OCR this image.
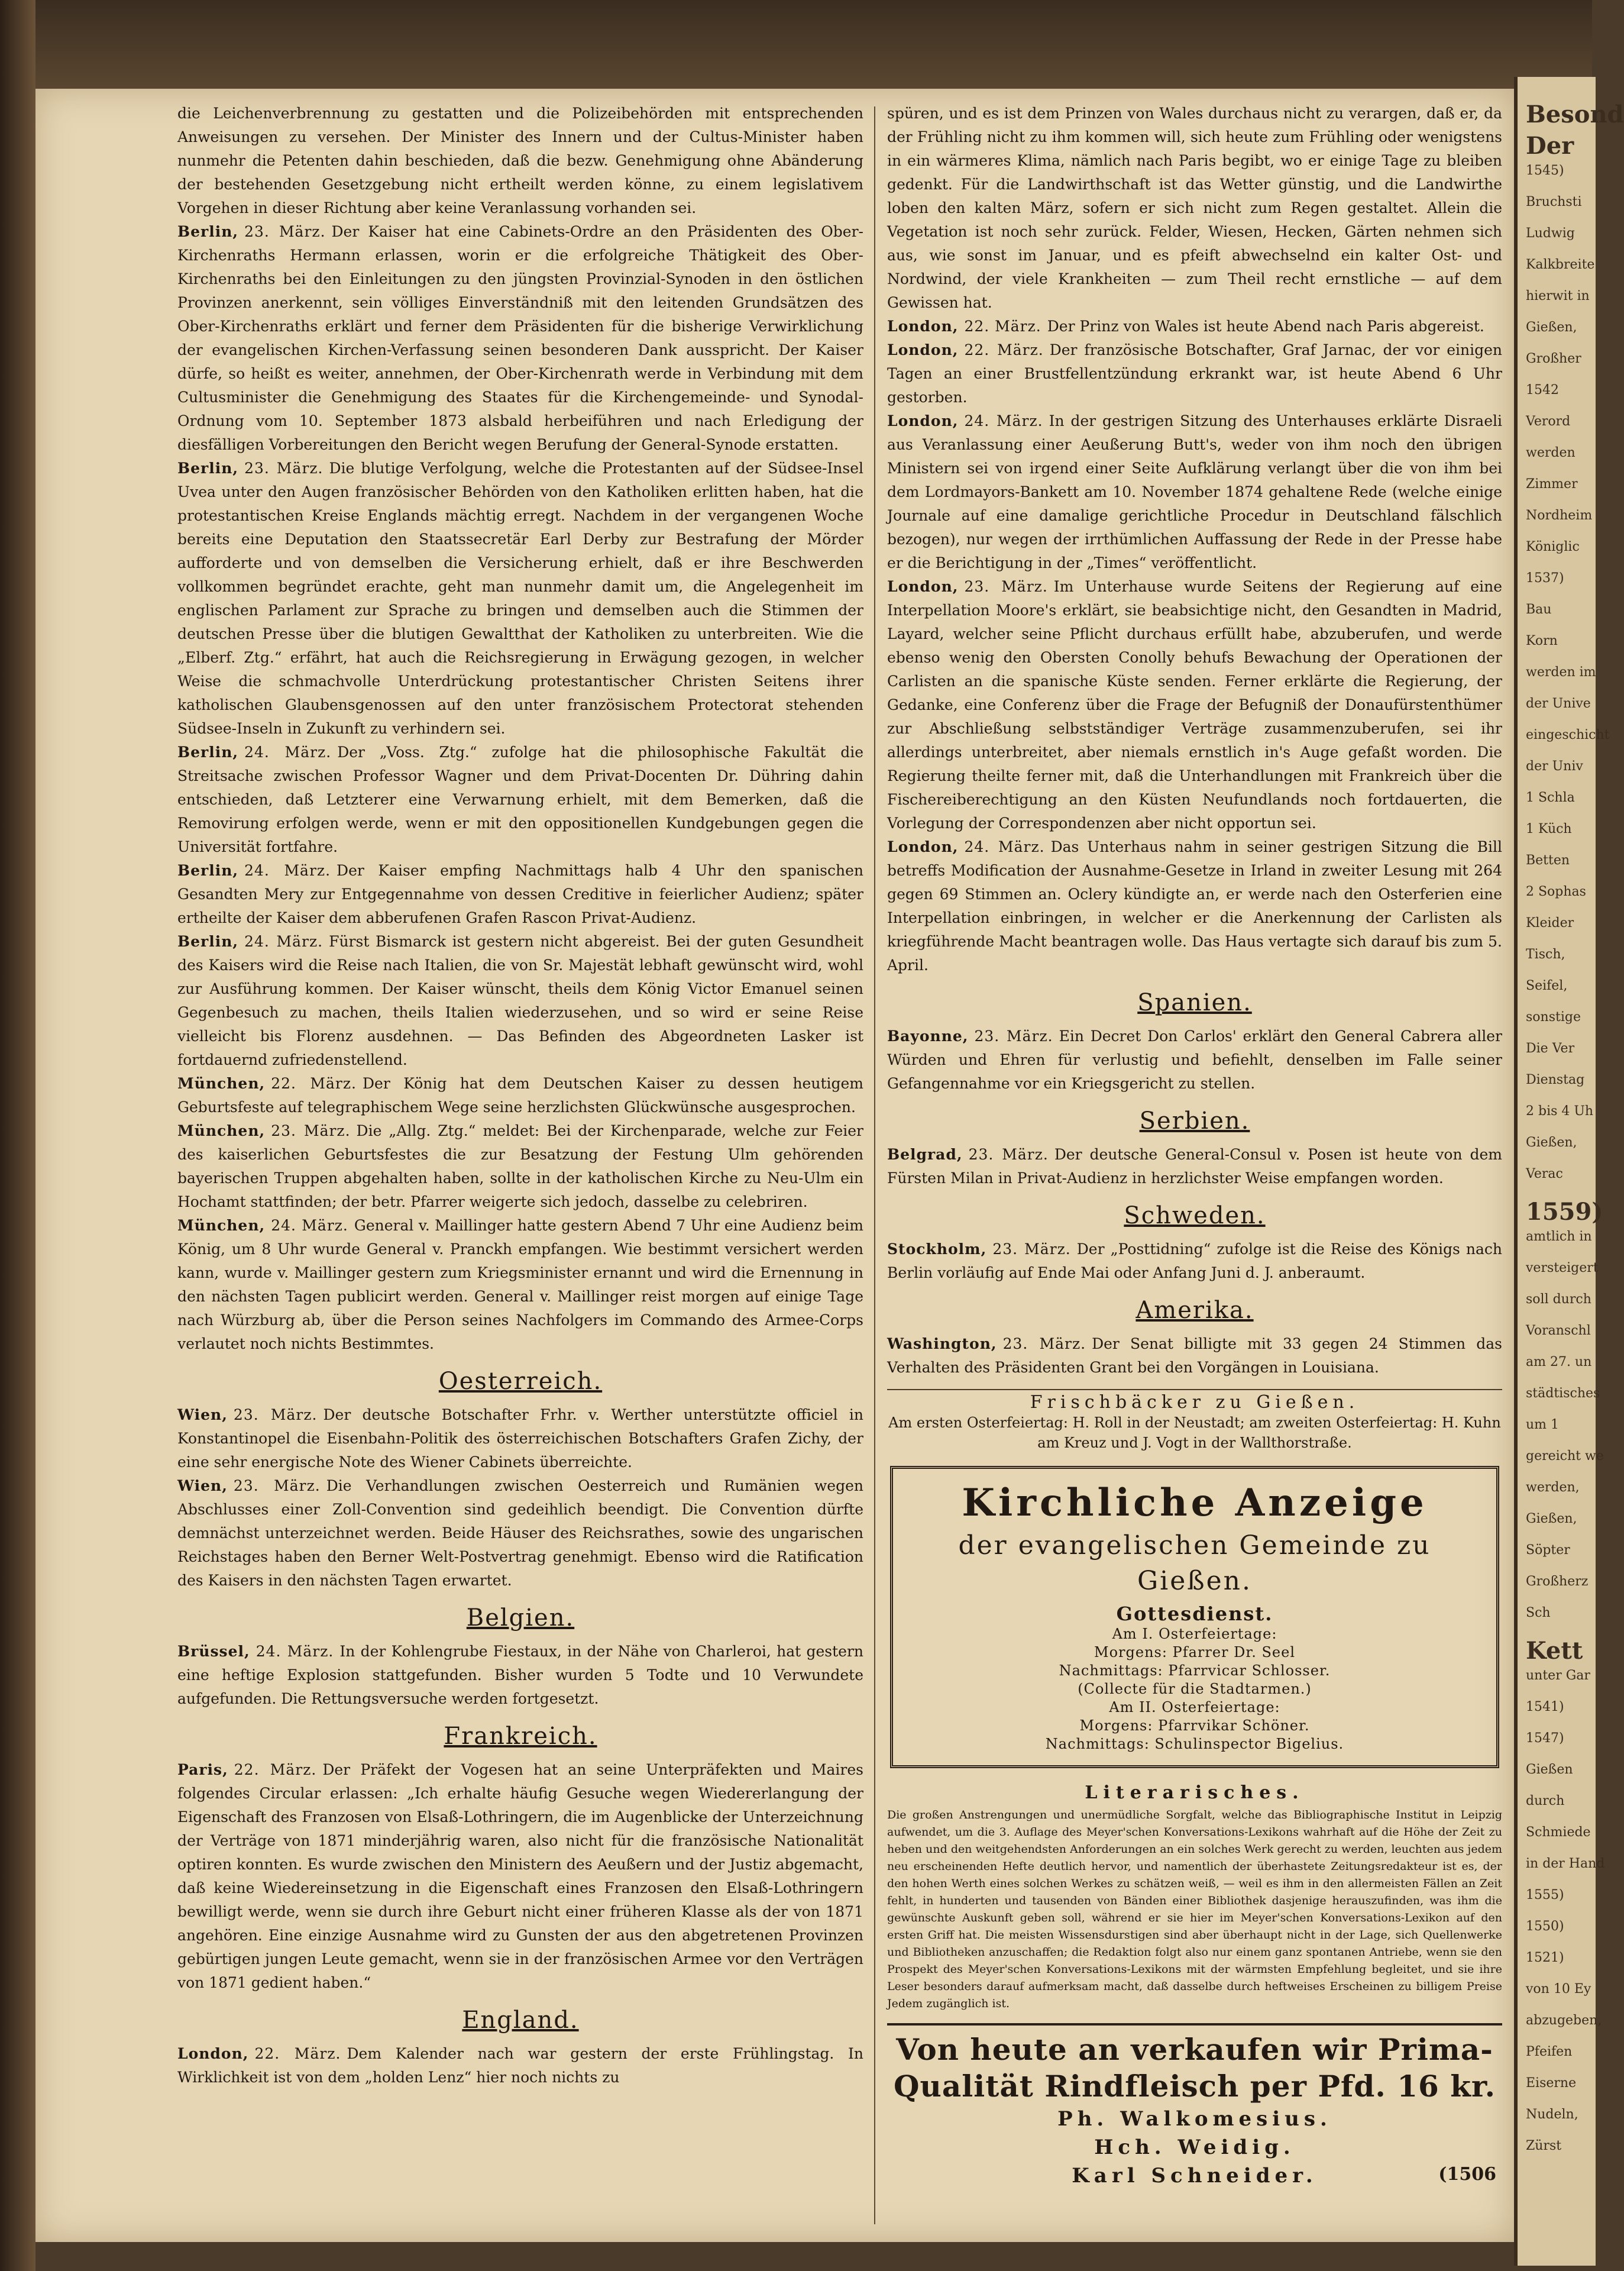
die Leichenverbrennung zu gestatten und die Polizeibehörden mit entsprechenden Anweisungen zu versehen. Der Minister des Innern und der Cultus-Minister haben nunmehr die Petenten dahin beschieden, daß die bezw. Genehmigung ohne Abänderung der bestehenden Gesetzgebung nicht ertheilt werden könne, zu einem legislativem Vorgehen in dieser Richtung aber keine Veranlassung vorhanden sei.

Berlin, 23. März. Der Kaiser hat eine Cabinets-Ordre an den Präsidenten des Ober-Kirchenraths Hermann erlassen, worin er die erfolgreiche Thätigkeit des Ober-Kirchenraths bei den Einleitungen zu den jüngsten Provinzial-Synoden in den östlichen Provinzen anerkennt, sein völliges Einverständniß mit den leitenden Grundsätzen des Ober-Kirchenraths erklärt und ferner dem Präsidenten für die bisherige Verwirklichung der evangelischen Kirchen-Verfassung seinen besonderen Dank ausspricht. Der Kaiser dürfe, so heißt es weiter, annehmen, der Ober-Kirchenrath werde in Verbindung mit dem Cultusminister die Genehmigung des Staates für die Kirchengemeinde- und Synodal-Ordnung vom 10. September 1873 alsbald herbeiführen und nach Erledigung der diesfälligen Vorbereitungen den Bericht wegen Berufung der General-Synode erstatten.

Berlin, 23. März. Die blutige Verfolgung, welche die Protestanten auf der Südsee-Insel Uvea unter den Augen französischer Behörden von den Katholiken erlitten haben, hat die protestantischen Kreise Englands mächtig erregt. Nachdem in der vergangenen Woche bereits eine Deputation den Staatssecretär Earl Derby zur Bestrafung der Mörder aufforderte und von demselben die Versicherung erhielt, daß er ihre Beschwerden vollkommen begründet erachte, geht man nunmehr damit um, die Angelegenheit im englischen Parlament zur Sprache zu bringen und demselben auch die Stimmen der deutschen Presse über die blutigen Gewaltthat der Katholiken zu unterbreiten. Wie die „Elberf. Ztg.“ erfährt, hat auch die Reichsregierung in Erwägung gezogen, in welcher Weise die schmachvolle Unterdrückung protestantischer Christen Seitens ihrer katholischen Glaubensgenossen auf den unter französischem Protectorat stehenden Südsee-Inseln in Zukunft zu verhindern sei.

Berlin, 24. März. Der „Voss. Ztg.“ zufolge hat die philosophische Fakultät die Streitsache zwischen Professor Wagner und dem Privat-Docenten Dr. Dühring dahin entschieden, daß Letzterer eine Verwarnung erhielt, mit dem Bemerken, daß die Removirung erfolgen werde, wenn er mit den oppositionellen Kundgebungen gegen die Universität fortfahre.

Berlin, 24. März. Der Kaiser empfing Nachmittags halb 4 Uhr den spanischen Gesandten Mery zur Entgegennahme von dessen Creditive in feierlicher Audienz; später ertheilte der Kaiser dem abberufenen Grafen Rascon Privat-Audienz.

Berlin, 24. März. Fürst Bismarck ist gestern nicht abgereist. Bei der guten Gesundheit des Kaisers wird die Reise nach Italien, die von Sr. Majestät lebhaft gewünscht wird, wohl zur Ausführung kommen. Der Kaiser wünscht, theils dem König Victor Emanuel seinen Gegenbesuch zu machen, theils Italien wiederzusehen, und so wird er seine Reise vielleicht bis Florenz ausdehnen. — Das Befinden des Abgeordneten Lasker ist fortdauernd zufriedenstellend.

München, 22. März. Der König hat dem Deutschen Kaiser zu dessen heutigem Geburtsfeste auf telegraphischem Wege seine herzlichsten Glückwünsche ausgesprochen.

München, 23. März. Die „Allg. Ztg.“ meldet: Bei der Kirchenparade, welche zur Feier des kaiserlichen Geburtsfestes die zur Besatzung der Festung Ulm gehörenden bayerischen Truppen abgehalten haben, sollte in der katholischen Kirche zu Neu-Ulm ein Hochamt stattfinden; der betr. Pfarrer weigerte sich jedoch, dasselbe zu celebriren.

München, 24. März. General v. Maillinger hatte gestern Abend 7 Uhr eine Audienz beim König, um 8 Uhr wurde General v. Pranckh empfangen. Wie bestimmt versichert werden kann, wurde v. Maillinger gestern zum Kriegsminister ernannt und wird die Ernennung in den nächsten Tagen publicirt werden. General v. Maillinger reist morgen auf einige Tage nach Würzburg ab, über die Person seines Nachfolgers im Commando des Armee-Corps verlautet noch nichts Bestimmtes.

Oesterreich.

Wien, 23. März. Der deutsche Botschafter Frhr. v. Werther unterstützte officiel in Konstantinopel die Eisenbahn-Politik des österreichischen Botschafters Grafen Zichy, der eine sehr energische Note des Wiener Cabinets überreichte.

Wien, 23. März. Die Verhandlungen zwischen Oesterreich und Rumänien wegen Abschlusses einer Zoll-Convention sind gedeihlich beendigt. Die Convention dürfte demnächst unterzeichnet werden. Beide Häuser des Reichsrathes, sowie des ungarischen Reichstages haben den Berner Welt-Postvertrag genehmigt. Ebenso wird die Ratification des Kaisers in den nächsten Tagen erwartet.

Belgien.

Brüssel, 24. März. In der Kohlengrube Fiestaux, in der Nähe von Charleroi, hat gestern eine heftige Explosion stattgefunden. Bisher wurden 5 Todte und 10 Verwundete aufgefunden. Die Rettungsversuche werden fortgesetzt.

Frankreich.

Paris, 22. März. Der Präfekt der Vogesen hat an seine Unterpräfekten und Maires folgendes Circular erlassen: „Ich erhalte häufig Gesuche wegen Wiedererlangung der Eigenschaft des Franzosen von Elsaß-Lothringern, die im Augenblicke der Unterzeichnung der Verträge von 1871 minderjährig waren, also nicht für die französische Nationalität optiren konnten. Es wurde zwischen den Ministern des Aeußern und der Justiz abgemacht, daß keine Wiedereinsetzung in die Eigenschaft eines Franzosen den Elsaß-Lothringern bewilligt werde, wenn sie durch ihre Geburt nicht einer früheren Klasse als der von 1871 angehören. Eine einzige Ausnahme wird zu Gunsten der aus den abgetretenen Provinzen gebürtigen jungen Leute gemacht, wenn sie in der französischen Armee vor den Verträgen von 1871 gedient haben.“

England.

London, 22. März. Dem Kalender nach war gestern der erste Frühlingstag. In Wirklichkeit ist von dem „holden Lenz“ hier noch nichts zu

spüren, und es ist dem Prinzen von Wales durchaus nicht zu verargen, daß er, da der Frühling nicht zu ihm kommen will, sich heute zum Frühling oder wenigstens in ein wärmeres Klima, nämlich nach Paris begibt, wo er einige Tage zu bleiben gedenkt. Für die Landwirthschaft ist das Wetter günstig, und die Landwirthe loben den kalten März, sofern er sich nicht zum Regen gestaltet. Allein die Vegetation ist noch sehr zurück. Felder, Wiesen, Hecken, Gärten nehmen sich aus, wie sonst im Januar, und es pfeift abwechselnd ein kalter Ost- und Nordwind, der viele Krankheiten — zum Theil recht ernstliche — auf dem Gewissen hat.

London, 22. März. Der Prinz von Wales ist heute Abend nach Paris abgereist.

London, 22. März. Der französische Botschafter, Graf Jarnac, der vor einigen Tagen an einer Brustfellentzündung erkrankt war, ist heute Abend 6 Uhr gestorben.

London, 24. März. In der gestrigen Sitzung des Unterhauses erklärte Disraeli aus Veranlassung einer Aeußerung Butt's, weder von ihm noch den übrigen Ministern sei von irgend einer Seite Aufklärung verlangt über die von ihm bei dem Lordmayors-Bankett am 10. November 1874 gehaltene Rede (welche einige Journale auf eine damalige gerichtliche Procedur in Deutschland fälschlich bezogen), nur wegen der irrthümlichen Auffassung der Rede in der Presse habe er die Berichtigung in der „Times“ veröffentlicht.

London, 23. März. Im Unterhause wurde Seitens der Regierung auf eine Interpellation Moore's erklärt, sie beabsichtige nicht, den Gesandten in Madrid, Layard, welcher seine Pflicht durchaus erfüllt habe, abzuberufen, und werde ebenso wenig den Obersten Conolly behufs Bewachung der Operationen der Carlisten an die spanische Küste senden. Ferner erklärte die Regierung, der Gedanke, eine Conferenz über die Frage der Befugniß der Donaufürstenthümer zur Abschließung selbstständiger Verträge zusammenzuberufen, sei ihr allerdings unterbreitet, aber niemals ernstlich in's Auge gefaßt worden. Die Regierung theilte ferner mit, daß die Unterhandlungen mit Frankreich über die Fischereiberechtigung an den Küsten Neufundlands noch fortdauerten, die Vorlegung der Correspondenzen aber nicht opportun sei.

London, 24. März. Das Unterhaus nahm in seiner gestrigen Sitzung die Bill betreffs Modification der Ausnahme-Gesetze in Irland in zweiter Lesung mit 264 gegen 69 Stimmen an. Oclery kündigte an, er werde nach den Osterferien eine Interpellation einbringen, in welcher er die Anerkennung der Carlisten als kriegführende Macht beantragen wolle. Das Haus vertagte sich darauf bis zum 5. April.

Spanien.

Bayonne, 23. März. Ein Decret Don Carlos' erklärt den General Cabrera aller Würden und Ehren für verlustig und befiehlt, denselben im Falle seiner Gefangennahme vor ein Kriegsgericht zu stellen.

Serbien.

Belgrad, 23. März. Der deutsche General-Consul v. Posen ist heute von dem Fürsten Milan in Privat-Audienz in herzlichster Weise empfangen worden.

Schweden.

Stockholm, 23. März. Der „Posttidning“ zufolge ist die Reise des Königs nach Berlin vorläufig auf Ende Mai oder Anfang Juni d. J. anberaumt.

Amerika.

Washington, 23. März. Der Senat billigte mit 33 gegen 24 Stimmen das Verhalten des Präsidenten Grant bei den Vorgängen in Louisiana.

Frischbäcker zu Gießen.
Am ersten Osterfeiertag: H. Roll in der Neustadt; am zweiten Osterfeiertag: H. Kuhn am Kreuz und J. Vogt in der Wallthorstraße.
Kirchliche Anzeige
der evangelischen Gemeinde zu Gießen.
Gottesdienst.
Am I. Osterfeiertage:
Morgens: Pfarrer Dr. Seel
Nachmittags: Pfarrvicar Schlosser.
(Collecte für die Stadtarmen.)
Am II. Osterfeiertage:
Morgens: Pfarrvikar Schöner.
Nachmittags: Schulinspector Bigelius.
Literarisches.
Die großen Anstrengungen und unermüdliche Sorgfalt, welche das Bibliographische Institut in Leipzig aufwendet, um die 3. Auflage des Meyer'schen Konversations-Lexikons wahrhaft auf die Höhe der Zeit zu heben und den weitgehendsten Anforderungen an ein solches Werk gerecht zu werden, leuchten aus jedem neu erscheinenden Hefte deutlich hervor, und namentlich der überhastete Zeitungsredakteur ist es, der den hohen Werth eines solchen Werkes zu schätzen weiß, — weil es ihm in den allermeisten Fällen an Zeit fehlt, in hunderten und tausenden von Bänden einer Bibliothek dasjenige herauszufinden, was ihm die gewünschte Auskunft geben soll, während er sie hier im Meyer'schen Konversations-Lexikon auf den ersten Griff hat. Die meisten Wissensdurstigen sind aber überhaupt nicht in der Lage, sich Quellenwerke und Bibliotheken anzuschaffen; die Redaktion folgt also nur einem ganz spontanen Antriebe, wenn sie den Prospekt des Meyer'schen Konversations-Lexikons mit der wärmsten Empfehlung begleitet, und sie ihre Leser besonders darauf aufmerksam macht, daß dasselbe durch heftweises Erscheinen zu billigem Preise Jedem zugänglich ist.
Von heute an verkaufen wir Prima-
Qualität Rindfleisch per Pfd. 16 kr.
Ph. Walkomesius.
Hch. Weidig.
Karl Schneider.	(1506
Besond
Der
1545)
Bruchsti
Ludwig
Kalkbreite
hierwit in
Gießen,
Großher
1542
Verord
werden
Zimmer
Nordheim
Königlic
1537)
Bau
Korn
werden im
der Unive
eingeschicht
der Univ
1 Schla
1 Küch
Betten
2 Sophas
Kleider
Tisch,
Seifel,
sonstige
Die Ver
Dienstag
2 bis 4 Uh
Gießen,
Verac
1559)
amtlich in
versteigert
soll durch
Voranschl
am 27. un
städtisches
um 1
gereicht we
werden,
Gießen,
Söpter
Großherz
Sch
Kett
unter Gar
1541)
1547)
Gießen
durch
Schmiede
in der Hand
1555)
1550)
1521)
von 10 Ey
abzugeben,
Pfeifen
Eiserne
Nudeln,
Zürst
